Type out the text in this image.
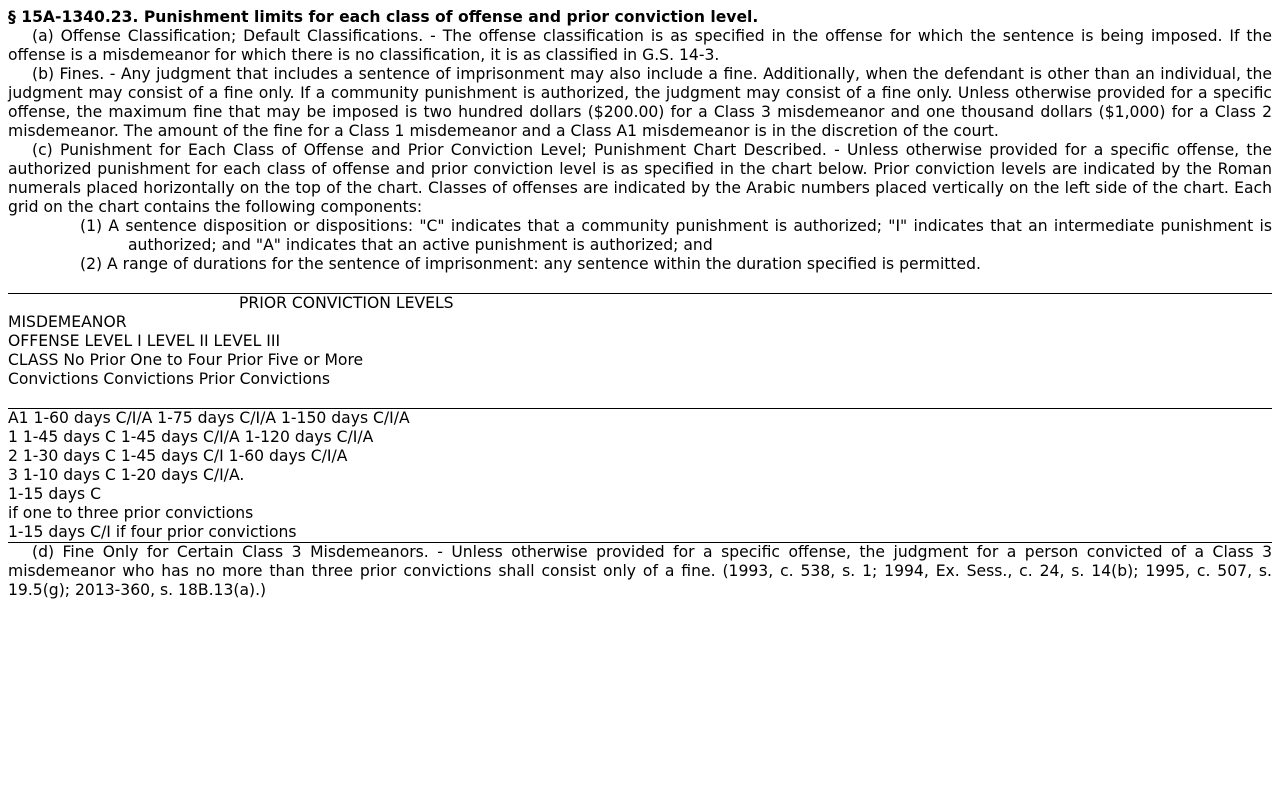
§ 15A-1340.23. Punishment limits for each class of offense and prior conviction level.

(a) Offense Classification; Default Classifications. - The offense classification is as specified in the offense for which the sentence is being imposed. If the offense is a misdemeanor for which there is no classification, it is as classified in G.S. 14-3.

(b) Fines. - Any judgment that includes a sentence of imprisonment may also include a fine. Additionally, when the defendant is other than an individual, the judgment may consist of a fine only. If a community punishment is authorized, the judgment may consist of a fine only. Unless otherwise provided for a specific offense, the maximum fine that may be imposed is two hundred dollars ($200.00) for a Class 3 misdemeanor and one thousand dollars ($1,000) for a Class 2 misdemeanor. The amount of the fine for a Class 1 misdemeanor and a Class A1 misdemeanor is in the discretion of the court.

(c) Punishment for Each Class of Offense and Prior Conviction Level; Punishment Chart Described. - Unless otherwise provided for a specific offense, the authorized punishment for each class of offense and prior conviction level is as specified in the chart below. Prior conviction levels are indicated by the Roman numerals placed horizontally on the top of the chart. Classes of offenses are indicated by the Arabic numbers placed vertically on the left side of the chart. Each grid on the chart contains the following components:

(1) A sentence disposition or dispositions: "C" indicates that a community punishment is authorized; "I" indicates that an intermediate punishment is authorized; and "A" indicates that an active punishment is authorized; and

(2) A range of durations for the sentence of imprisonment: any sentence within the duration specified is permitted.

PRIOR CONVICTION LEVELS

MISDEMEANOR

OFFENSE LEVEL I LEVEL II LEVEL III

CLASS No Prior One to Four Prior Five or More

Convictions Convictions Prior Convictions

A1 1-60 days C/I/A 1-75 days C/I/A 1-150 days C/I/A

1 1-45 days C 1-45 days C/I/A 1-120 days C/I/A

2 1-30 days C 1-45 days C/I 1-60 days C/I/A

3 1-10 days C 1-20 days C/I/A.

1-15 days C

if one to three prior convictions

1-15 days C/I if four prior convictions

(d) Fine Only for Certain Class 3 Misdemeanors. - Unless otherwise provided for a specific offense, the judgment for a person convicted of a Class 3 misdemeanor who has no more than three prior convictions shall consist only of a fine. (1993, c. 538, s. 1; 1994, Ex. Sess., c. 24, s. 14(b); 1995, c. 507, s. 19.5(g); 2013-360, s. 18B.13(a).)
